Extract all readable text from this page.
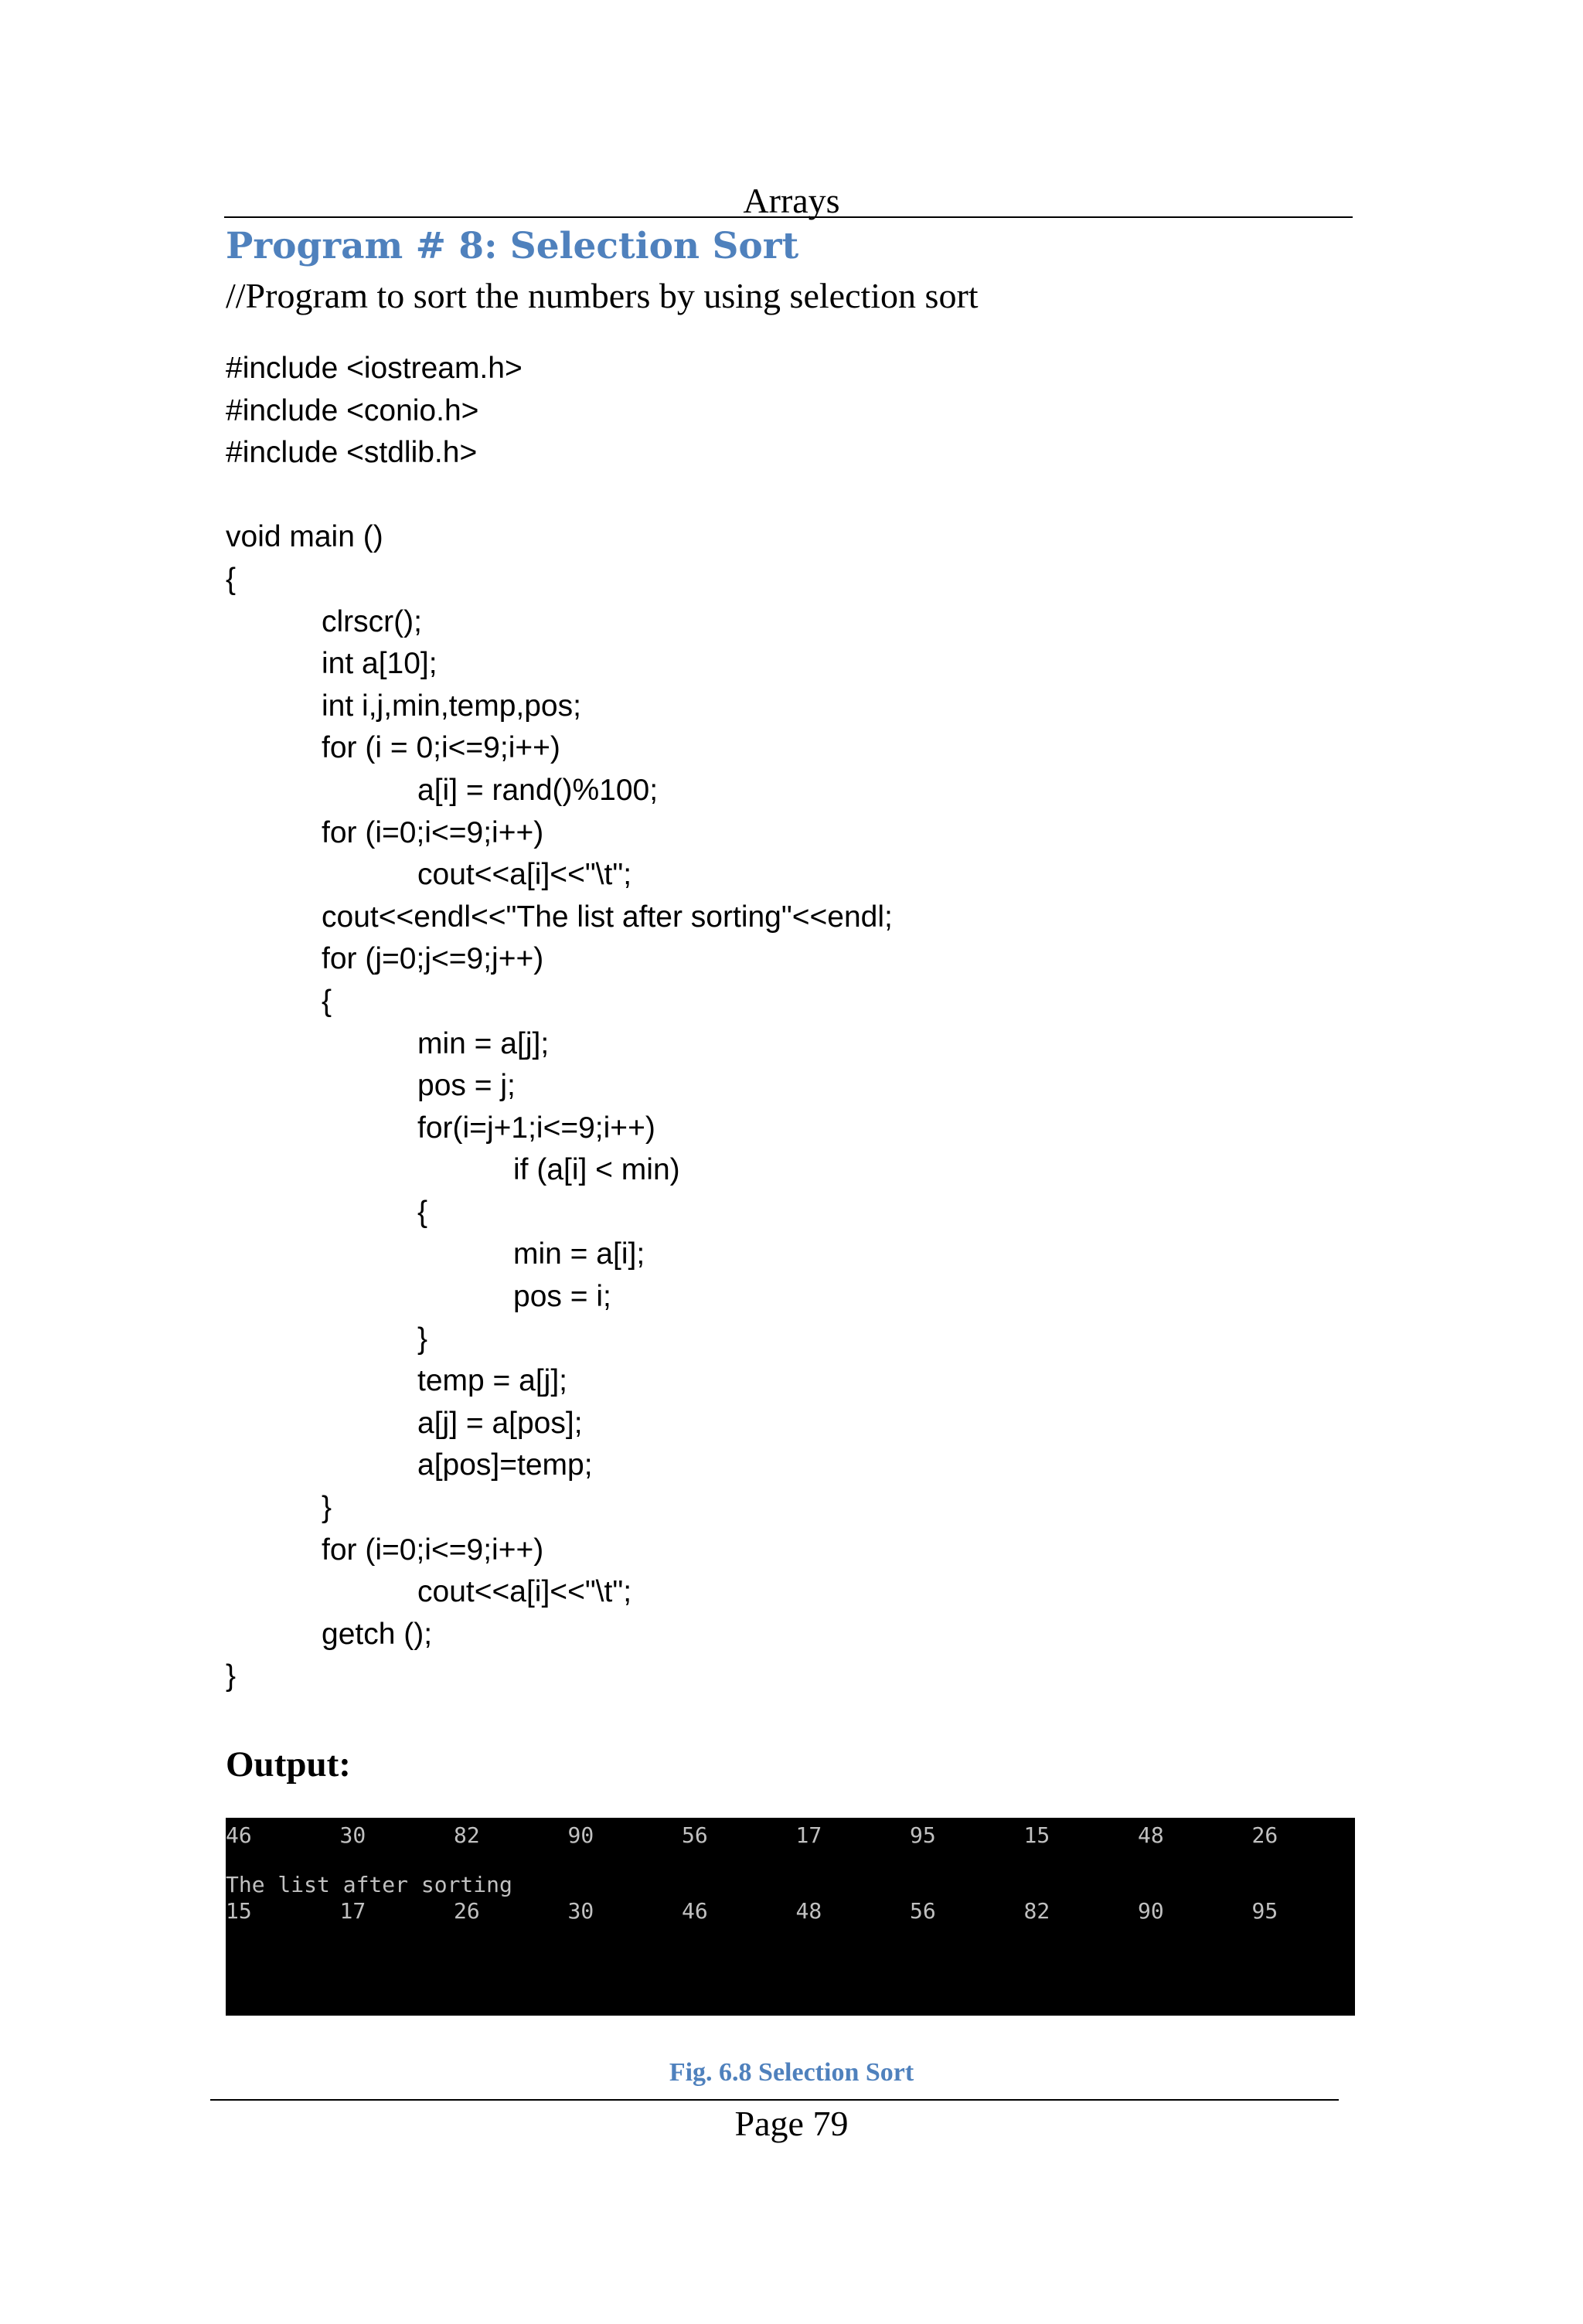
Arrays
Program # 8: Selection Sort
//Program to sort the numbers by using selection sort
#include <iostream.h>
#include <conio.h>
#include <stdlib.h>
void main ()
{
clrscr();
int a[10];
int i,j,min,temp,pos;
for (i = 0;i<=9;i++)
a[i] = rand()%100;
for (i=0;i<=9;i++)
cout<<a[i]<<"\t";
cout<<endl<<"The list after sorting"<<endl;
for (j=0;j<=9;j++)
{
min = a[j];
pos = j;
for(i=j+1;i<=9;i++)
if (a[i] < min)
{
min = a[i];
pos = i;
}
temp = a[j];
a[j] = a[pos];
a[pos]=temp;
}
for (i=0;i<=9;i++)
cout<<a[i]<<"\t";
getch ();
}
Output:
46	30	82	90	56	17	95	15	48	26
The list after sorting
15	17	26	30	46	48	56	82	90	95
Fig. 6.8 Selection Sort
Page 79
